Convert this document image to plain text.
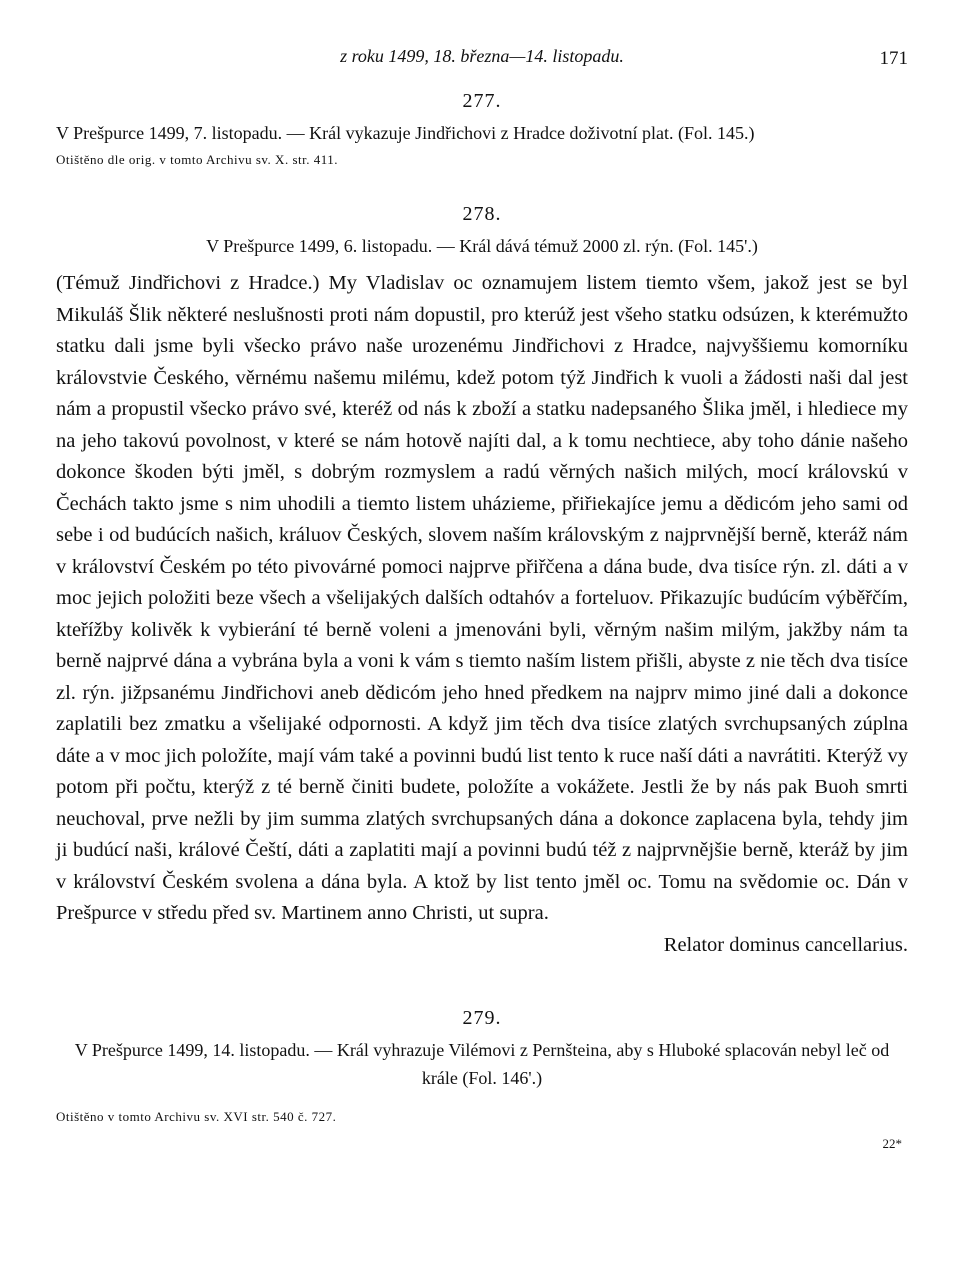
z roku 1499, 18. března—14. listopadu.	171
277.
V Prešpurce 1499, 7. listopadu. — Král vykazuje Jindřichovi z Hradce doživotní plat. (Fol. 145.)
Otištěno dle orig. v tomto Archivu sv. X. str. 411.
278.
V Prešpurce 1499, 6. listopadu. — Král dává témuž 2000 zl. rýn. (Fol. 145'.)
(Témuž Jindřichovi z Hradce.) My Vladislav oc oznamujem listem tiemto všem, jakož jest se byl Mikuláš Šlik některé neslušnosti proti nám dopustil, pro kterúž jest všeho statku odsúzen, k kterémužto statku dali jsme byli všecko právo naše urozenému Jindřichovi z Hradce, najvyššiemu komorníku královstvie Českého, věrnému našemu milému, kdež potom týž Jindřich k vuoli a žádosti naši dal jest nám a propustil všecko právo své, kteréž od nás k zboží a statku nadepsaného Šlika jměl, i hlediece my na jeho takovú povolnost, v které se nám hotově najíti dal, a k tomu nechtiece, aby toho dánie našeho dokonce škoden býti jměl, s dobrým rozmyslem a radú věrných našich milých, mocí královskú v Čechách takto jsme s nim uhodili a tiemto listem uházieme, přiřiekajíce jemu a dědicóm jeho sami od sebe i od budúcích našich, králuov Českých, slovem naším královským z najprvnější berně, kteráž nám v království Českém po této pivovárné pomoci najprve přiřčena a dána bude, dva tisíce rýn. zl. dáti a v moc jejich položiti beze všech a všelijakých dalších odtahóv a forteluov. Přikazujíc budúcím výběřčím, kteřížby kolivěk k vybierání té berně voleni a jmenováni byli, věrným našim milým, jakžby nám ta berně najprvé dána a vybrána byla a voni k vám s tiemto naším listem přišli, abyste z nie těch dva tisíce zl. rýn. jižpsanému Jindřichovi aneb dědicóm jeho hned předkem na najprv mimo jiné dali a dokonce zaplatili bez zmatku a všelijaké odpornosti. A když jim těch dva tisíce zlatých svrchupsaných zúplna dáte a v moc jich položíte, mají vám také a povinni budú list tento k ruce naší dáti a navrátiti. Kterýž vy potom při počtu, kterýž z té berně činiti budete, položíte a vokážete. Jestli že by nás pak Buoh smrti neuchoval, prve nežli by jim summa zlatých svrchupsaných dána a dokonce zaplacena byla, tehdy jim ji budúcí naši, králové Čeští, dáti a zaplatiti mají a povinni budú též z najprvnějšie berně, kteráž by jim v království Českém svolena a dána byla. A ktož by list tento jměl oc. Tomu na svědomie oc. Dán v Prešpurce v středu před sv. Martinem anno Christi, ut supra.
Relator dominus cancellarius.
279.
V Prešpurce 1499, 14. listopadu. — Král vyhrazuje Vilémovi z Pernšteina, aby s Hluboké splacován nebyl leč od krále (Fol. 146'.)
Otištěno v tomto Archivu sv. XVI str. 540 č. 727.
22*
